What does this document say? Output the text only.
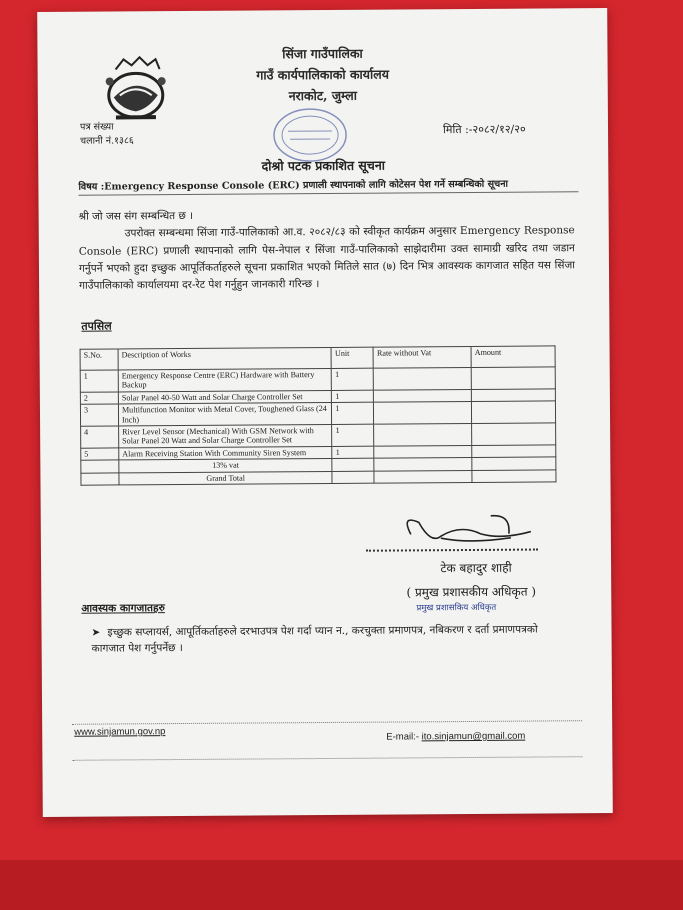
सिंजा गाउँपालिका
गाउँ कार्यपालिकाको कार्यालय
नराकोट, जुम्ला
पत्र संख्या
चलानी नं.१३८६
मिति :-२०८२/१२/२०
दोश्रो पटक प्रकाशित सूचना
विषय :Emergency Response Console (ERC) प्रणाली स्थापनाको लागि कोटेसन पेश गर्ने सम्बन्धिको सूचना

श्री जो जस संग सम्बन्धित छ ।

उपरोक्त सम्बन्धमा सिंजा गाउँ-पालिकाको आ.व. २०८२/८३ को स्वीकृत कार्यक्रम अनुसार Emergency Response Console (ERC) प्रणाली स्थापनाको लागि पेस-नेपाल र सिंजा गाउँ-पालिकाको साझेदारीमा उक्त सामाग्री खरिद तथा जडान गर्नुपर्ने भएको हुदा इच्छुक आपूर्तिकर्ताहरुले सूचना प्रकाशित भएको मितिले सात (७) दिन भित्र आवस्यक कागजात सहित यस सिंजा गाउँपालिकाको कार्यालयमा दर-रेट पेश गर्नुहुन जानकारी गरिन्छ ।

तपसिल
S.No.	Description of Works	Unit	Rate without Vat	Amount
1	Emergency Response Centre (ERC) Hardware with Battery Backup	1		
2	Solar Panel 40-50 Watt and Solar Charge Controller Set	1		
3	Multifunction Monitor with Metal Cover, Toughened Glass (24 Inch)	1		
4	River Level Sensor (Mechanical) With GSM Network with Solar Panel 20 Watt and Solar Charge Controller Set	1		
5	Alarm Receiving Station With Community Siren System	1		
	13% vat			
	Grand Total			
टेक बहादुर शाही
( प्रमुख प्रशासकीय अधिकृत )
प्रमुख प्रशासकिय अधिकृत
आवस्यक कागजातहरु
➤ इच्छुक सप्लायर्स, आपूर्तिकर्ताहरुले दरभाउपत्र पेश गर्दा प्यान न., करचुक्ता प्रमाणपत्र, नबिकरण र दर्ता प्रमाणपत्रको कागजात पेश गर्नुपर्नेछ ।
www.sinjamun.gov.np	E-mail:- ito.sinjamun@gmail.com
